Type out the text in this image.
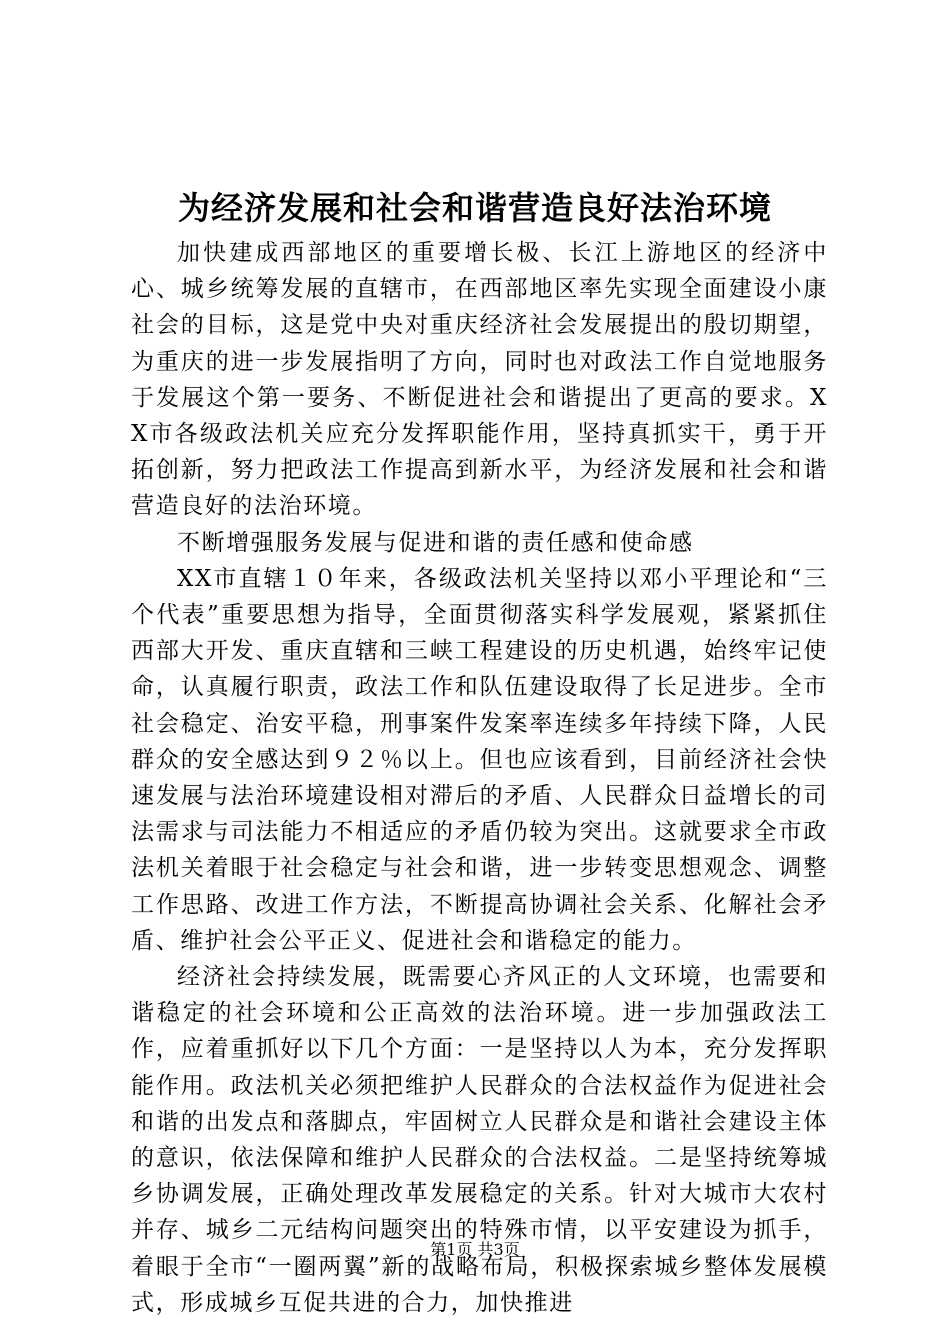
为经济发展和社会和谐营造良好法治环境

加快建成西部地区的重要增长极、长江上游地区的经济中心、城乡统筹发展的直辖市，在西部地区率先实现全面建设小康社会的目标，这是党中央对重庆经济社会发展提出的殷切期望，为重庆的进一步发展指明了方向，同时也对政法工作自觉地服务于发展这个第一要务、不断促进社会和谐提出了更高的要求。XX市各级政法机关应充分发挥职能作用，坚持真抓实干，勇于开拓创新，努力把政法工作提高到新水平，为经济发展和社会和谐营造良好的法治环境。

不断增强服务发展与促进和谐的责任感和使命感

XX市直辖１０年来，各级政法机关坚持以邓小平理论和“三个代表”重要思想为指导，全面贯彻落实科学发展观，紧紧抓住西部大开发、重庆直辖和三峡工程建设的历史机遇，始终牢记使命，认真履行职责，政法工作和队伍建设取得了长足进步。全市社会稳定、治安平稳，刑事案件发案率连续多年持续下降，人民群众的安全感达到９２％以上。但也应该看到，目前经济社会快速发展与法治环境建设相对滞后的矛盾、人民群众日益增长的司法需求与司法能力不相适应的矛盾仍较为突出。这就要求全市政法机关着眼于社会稳定与社会和谐，进一步转变思想观念、调整工作思路、改进工作方法，不断提高协调社会关系、化解社会矛盾、维护社会公平正义、促进社会和谐稳定的能力。

经济社会持续发展，既需要心齐风正的人文环境，也需要和谐稳定的社会环境和公正高效的法治环境。进一步加强政法工作，应着重抓好以下几个方面：一是坚持以人为本，充分发挥职能作用。政法机关必须把维护人民群众的合法权益作为促进社会和谐的出发点和落脚点，牢固树立人民群众是和谐社会建设主体的意识，依法保障和维护人民群众的合法权益。二是坚持统筹城乡协调发展，正确处理改革发展稳定的关系。针对大城市大农村并存、城乡二元结构问题突出的特殊市情，以平安建设为抓手，着眼于全市“一圈两翼”新的战略布局，积极探索城乡整体发展模式，形成城乡互促共进的合力，加快推进

第1页 共3页
